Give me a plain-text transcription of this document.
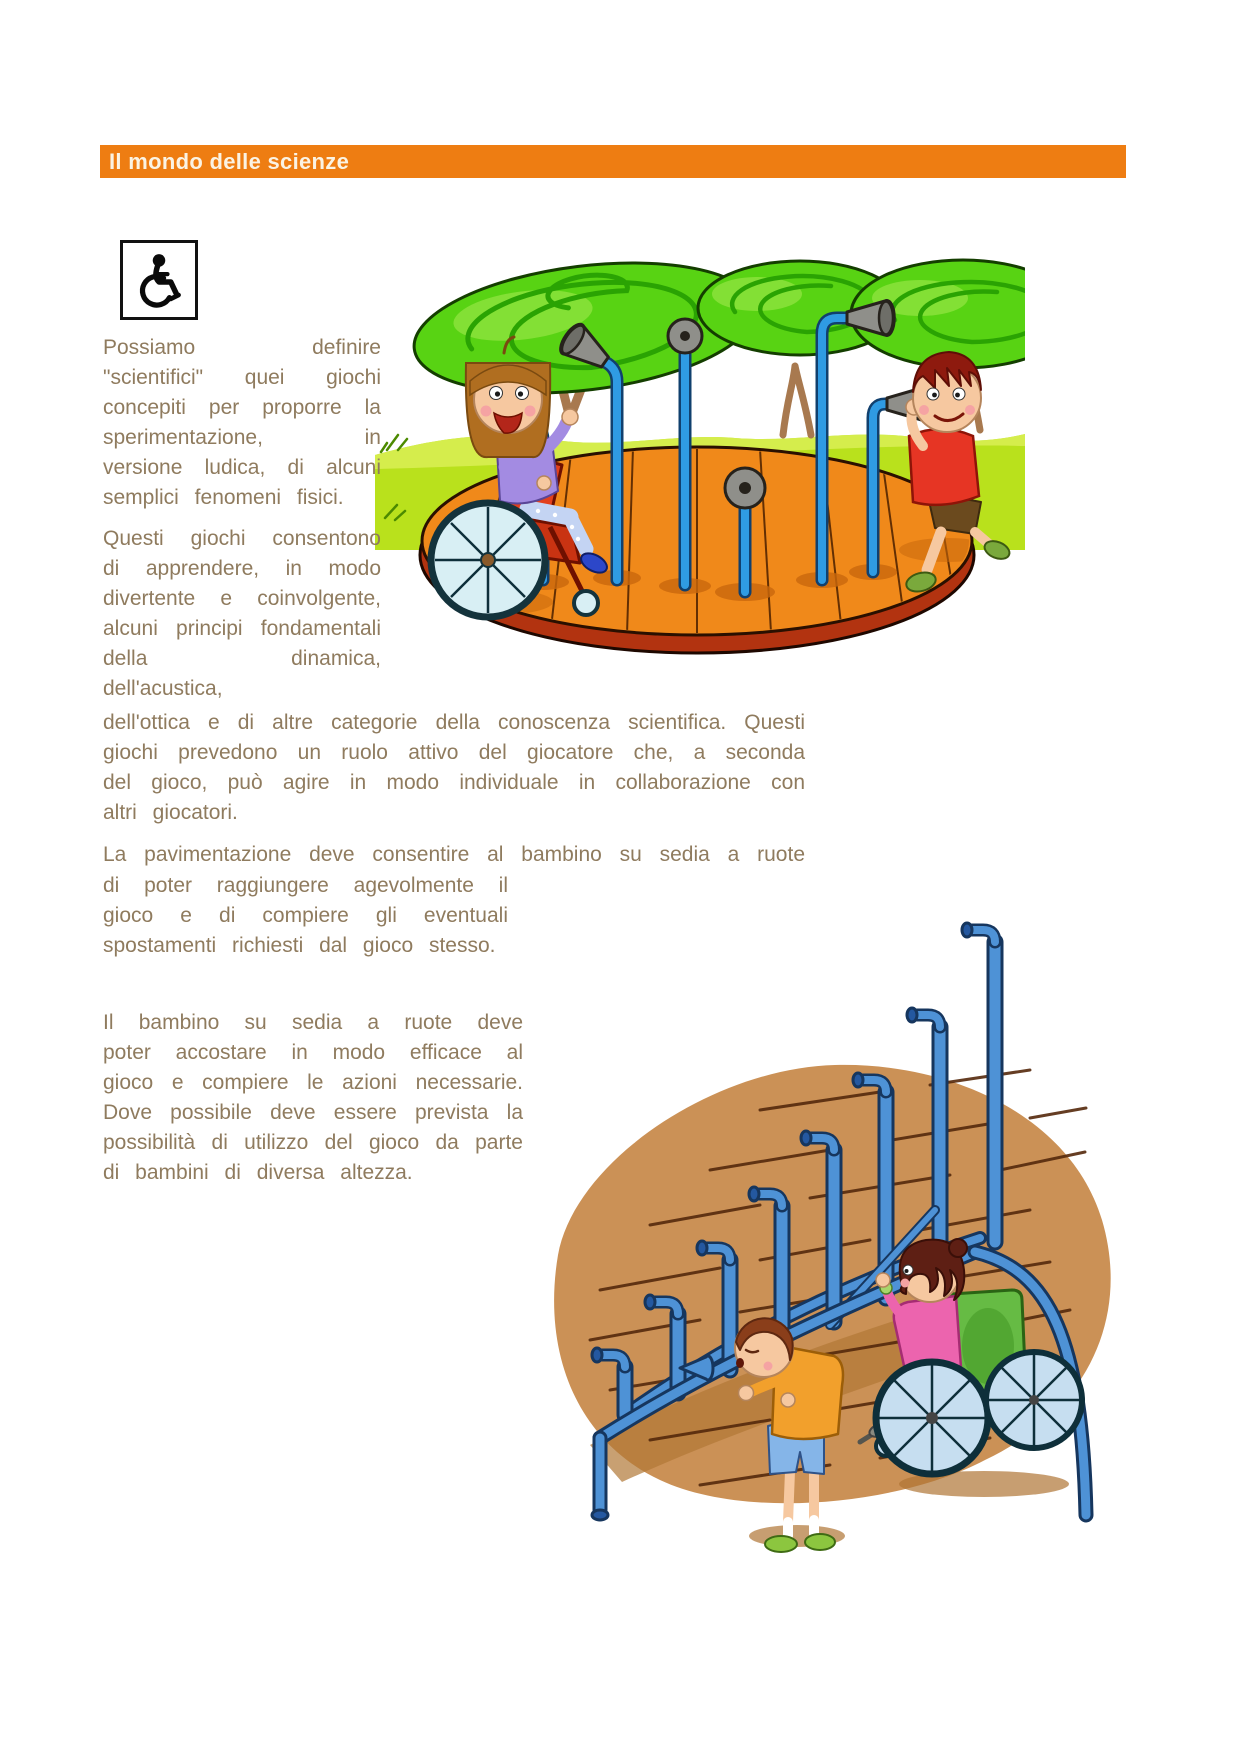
Il mondo delle scienze

Possiamo definire "scientifici" quei giochi concepiti per proporre la sperimentazione, in versione ludica, di alcuni semplici fenomeni fisici.

Questi giochi consentono di apprendere, in modo divertente e coinvolgente, alcuni principi fondamentali della dinamica, dell'acustica,

dell'ottica e di altre categorie della conoscenza scientifica. Questi giochi prevedono un ruolo attivo del giocatore che, a seconda del gioco, può agire in modo individuale in collaborazione con altri giocatori.

La pavimentazione deve consentire al bambino su sedia a ruote

di poter raggiungere agevolmente il gioco e di compiere gli eventuali spostamenti richiesti dal gioco stesso.

Il bambino su sedia a ruote deve poter accostare in modo efficace al gioco e compiere le azioni necessarie. Dove possibile deve essere prevista la possibilità di utilizzo del gioco da parte di bambini di diversa altezza.
